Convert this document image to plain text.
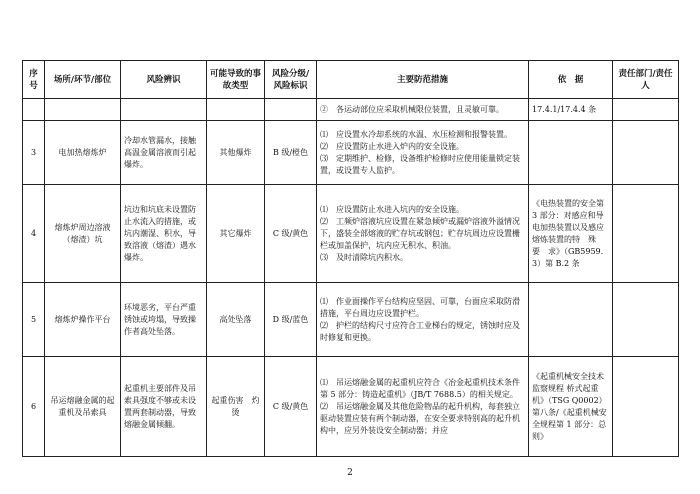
序号	场所/环节/部位	风险辨识	可能导致的事故类型	风险分级/风险标识	主要防范措施	依　据	责任部门/责任人

					②　各运动部位应采取机械限位装置，且灵敏可靠。	17.4.1/17.4.4 条	
3	电加热熔炼炉	冷却水管漏水，接触高温金属溶液而引起爆炸。	其他爆炸	B 级/橙色	⑴　应设置水冷却系统的水温、水压检测和报警装置。
⑵　应设置防止水进入炉内的安全设施。
⑶　定期维护、检修，设备维护检修时应使用能量锁定装置，或设置专人监护。		

4	熔炼炉周边溶液（熔渣）坑	坑边和坑底未设置防止水流入的措施，或坑内潮湿、积水，导致溶液（熔渣）遇水爆炸。	其它爆炸	C 级/黄色	⑴　应设置防止水进入坑内的安全设施。
⑵　工频炉溶液坑应设置在紧急倾炉或漏炉溶液外溢情况下，盛装全部熔液的贮存坑或钢包；贮存坑周边应设置栅栏或加盖保护，坑内应无积水、积油。
⑶　及时清除坑内积水。	《电热装置的安全第 3 部分：对感应和导电加热装置以及感应熔炼装置的特　殊　要　求》（GB5959.3）第 B.2 条	
5	熔炼炉操作平台	环境恶劣，平台严重锈蚀或垮塌，导致操作者高处坠落。	高处坠落	D 级/蓝色	⑴　作业面操作平台结构应坚固、可靠，台面应采取防滑措施，平台周边应设置护栏。
⑵　护栏的结构尺寸应符合工业梯台的规定，锈蚀时应及时修复和更换。		

6	吊运熔融金属的起重机及吊索具	起重机主要部件及吊索具强度不够或未设置两套制动器，导致熔融金属倾翻。	起重伤害　灼　烫	C 级/黄色	⑴　吊运熔融金属的起重机应符合《冶金起重机技术条件第 5 部分：铸造起重机》（JB/T 7688.5）的相关规定。
⑵　吊运熔融金属及其他危险物品的起升机构，每套独立驱动装置应装有两个制动器，在安全要求特别高的起升机构中，应另外装设安全制动器；并应	《起重机械安全技术监察规程 桥式起重机》（TSG Q0002）第八条/《起重机械安全规程第 1 部分：总则》	
2
